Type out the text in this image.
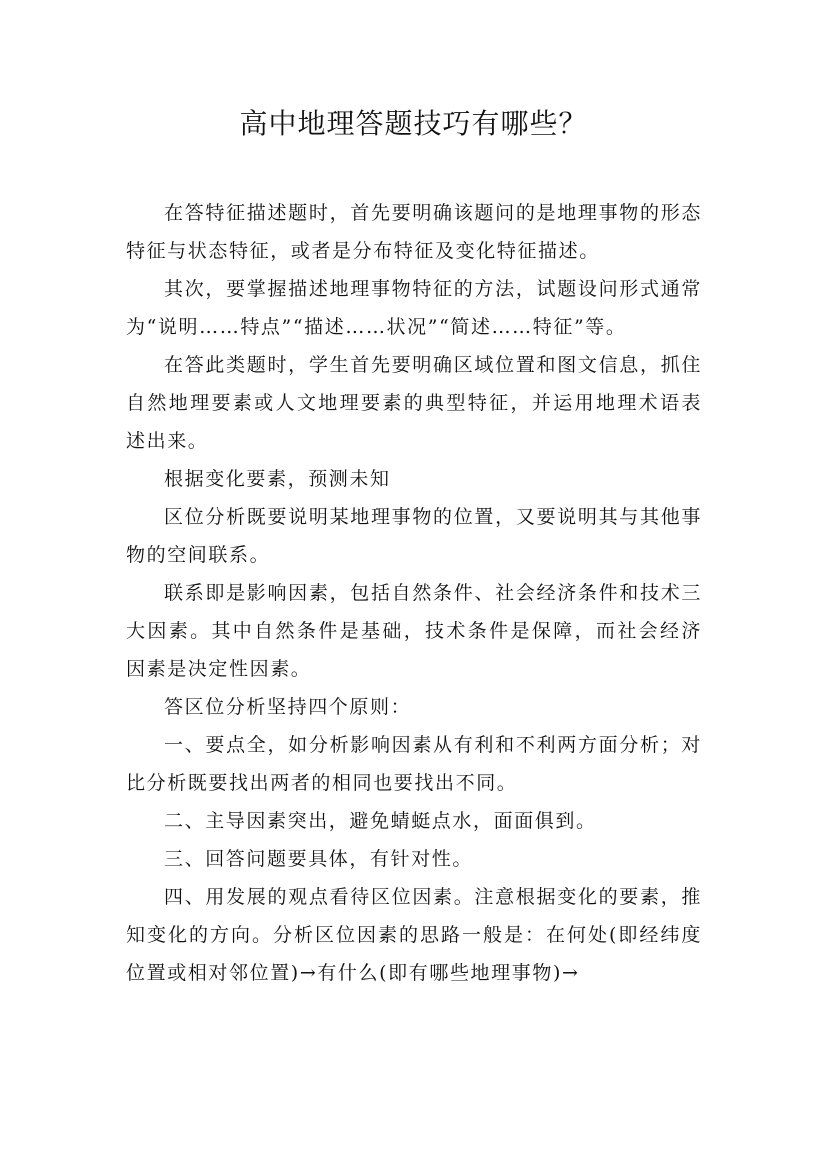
高中地理答题技巧有哪些？

在答特征描述题时，首先要明确该题问的是地理事物的形态特征与状态特征，或者是分布特征及变化特征描述。

其次，要掌握描述地理事物特征的方法，试题设问形式通常为“说明……特点”“描述……状况”“简述……特征”等。

在答此类题时，学生首先要明确区域位置和图文信息，抓住自然地理要素或人文地理要素的典型特征，并运用地理术语表述出来。

根据变化要素，预测未知

区位分析既要说明某地理事物的位置，又要说明其与其他事物的空间联系。

联系即是影响因素，包括自然条件、社会经济条件和技术三大因素。其中自然条件是基础，技术条件是保障，而社会经济因素是决定性因素。

答区位分析坚持四个原则：

一、要点全，如分析影响因素从有利和不利两方面分析；对比分析既要找出两者的相同也要找出不同。

二、主导因素突出，避免蜻蜓点水，面面俱到。

三、回答问题要具体，有针对性。

四、用发展的观点看待区位因素。注意根据变化的要素，推知变化的方向。分析区位因素的思路一般是：在何处(即经纬度位置或相对邻位置)→有什么(即有哪些地理事物)→
